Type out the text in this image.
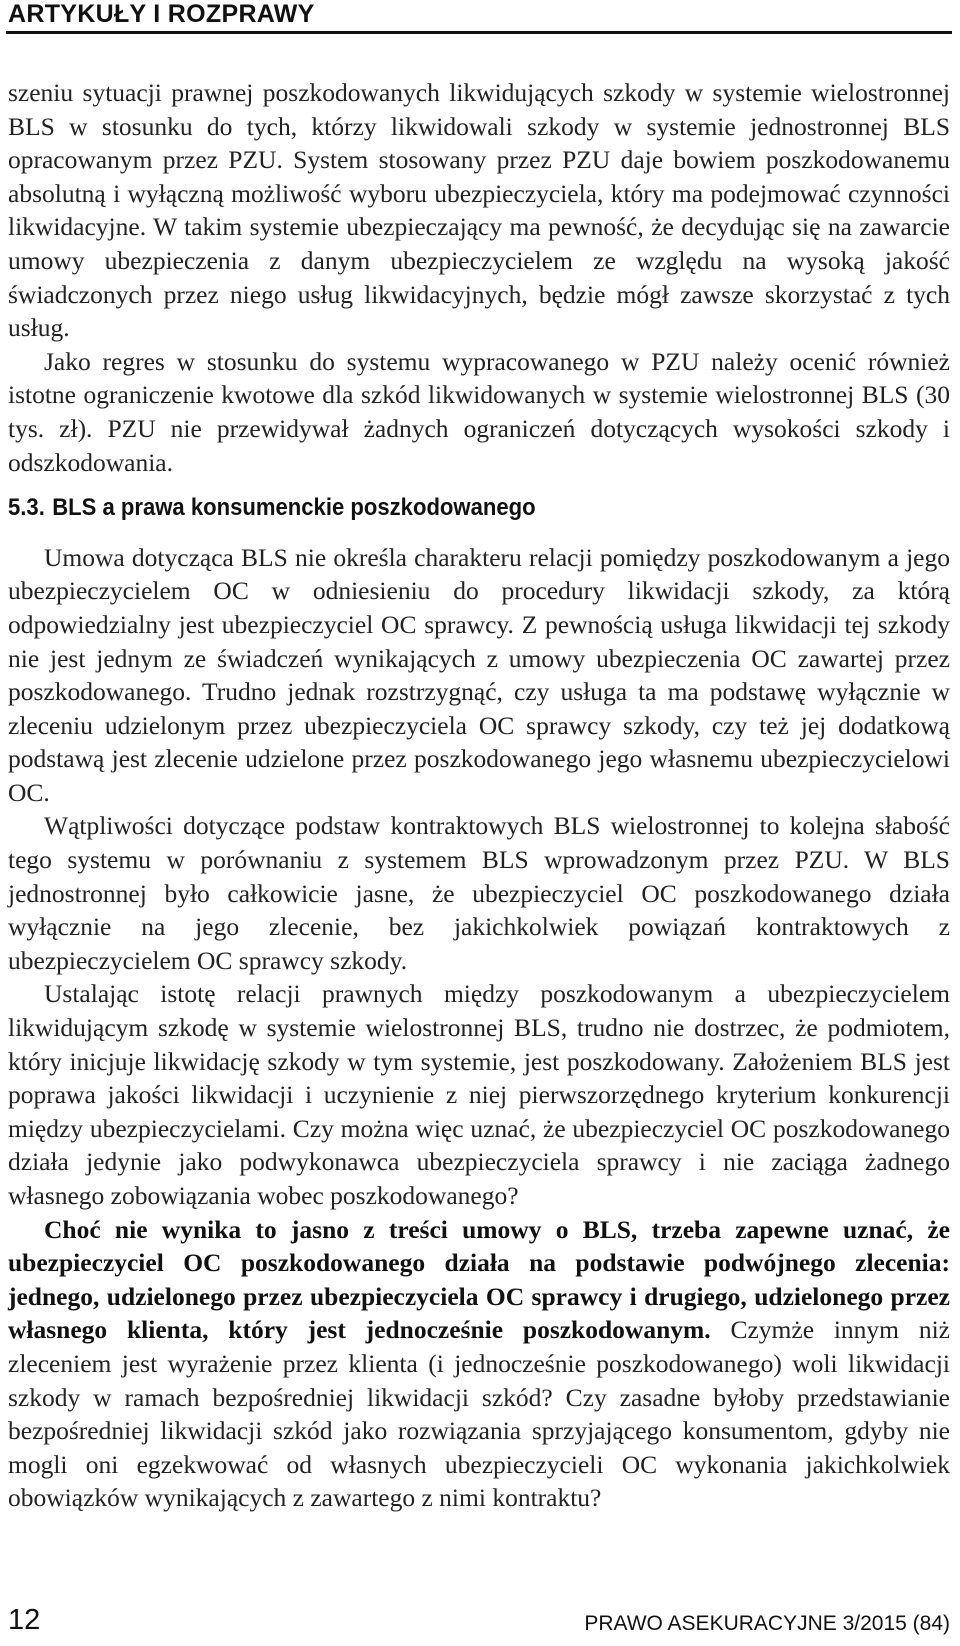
ARTYKUŁY I ROZPRAWY

szeniu sytuacji prawnej poszkodowanych likwidujących szkody w systemie wielostronnej BLS w stosunku do tych, którzy likwidowali szkody w systemie jednostronnej BLS opracowanym przez PZU. System stosowany przez PZU daje bowiem poszkodowanemu absolutną i wyłączną możliwość wyboru ubezpieczyciela, który ma podejmować czynności likwidacyjne. W takim systemie ubezpieczający ma pewność, że decydując się na zawarcie umowy ubezpieczenia z danym ubezpieczycielem ze względu na wysoką jakość świadczonych przez niego usług likwidacyjnych, będzie mógł zawsze skorzystać z tych usług.

Jako regres w stosunku do systemu wypracowanego w PZU należy ocenić również istotne ograniczenie kwotowe dla szkód likwidowanych w systemie wielostronnej BLS (30 tys. zł). PZU nie przewidywał żadnych ograniczeń dotyczących wysokości szkody i odszkodowania.

5.3. BLS a prawa konsumenckie poszkodowanego

Umowa dotycząca BLS nie określa charakteru relacji pomiędzy poszkodowanym a jego ubezpieczycielem OC w odniesieniu do procedury likwidacji szkody, za którą odpowiedzialny jest ubezpieczyciel OC sprawcy. Z pewnością usługa likwidacji tej szkody nie jest jednym ze świadczeń wynikających z umowy ubezpieczenia OC zawartej przez poszkodowanego. Trudno jednak rozstrzygnąć, czy usługa ta ma podstawę wyłącznie w zleceniu udzielonym przez ubezpieczyciela OC sprawcy szkody, czy też jej dodatkową podstawą jest zlecenie udzielone przez poszkodowanego jego własnemu ubezpieczycielowi OC.

Wątpliwości dotyczące podstaw kontraktowych BLS wielostronnej to kolejna słabość tego systemu w porównaniu z systemem BLS wprowadzonym przez PZU. W BLS jednostronnej było całkowicie jasne, że ubezpieczyciel OC poszkodowanego działa wyłącznie na jego zlecenie, bez jakichkolwiek powiązań kontraktowych z ubezpieczycielem OC sprawcy szkody.

Ustalając istotę relacji prawnych między poszkodowanym a ubezpieczycielem likwidującym szkodę w systemie wielostronnej BLS, trudno nie dostrzec, że podmiotem, który inicjuje likwidację szkody w tym systemie, jest poszkodowany. Założeniem BLS jest poprawa jakości likwidacji i uczynienie z niej pierwszorzędnego kryterium konkurencji między ubezpieczycielami. Czy można więc uznać, że ubezpieczyciel OC poszkodowanego działa jedynie jako podwykonawca ubezpieczyciela sprawcy i nie zaciąga żadnego własnego zobowiązania wobec poszkodowanego?

Choć nie wynika to jasno z treści umowy o BLS, trzeba zapewne uznać, że ubezpieczyciel OC poszkodowanego działa na podstawie podwójnego zlecenia: jednego, udzielonego przez ubezpieczyciela OC sprawcy i drugiego, udzielonego przez własnego klienta, który jest jednocześnie poszkodowanym. Czymże innym niż zleceniem jest wyrażenie przez klienta (i jednocześnie poszkodowanego) woli likwidacji szkody w ramach bezpośredniej likwidacji szkód? Czy zasadne byłoby przedstawianie bezpośredniej likwidacji szkód jako rozwiązania sprzyjającego konsumentom, gdyby nie mogli oni egzekwować od własnych ubezpieczycieli OC wykonania jakichkolwiek obowiązków wynikających z zawartego z nimi kontraktu?

12	PRAWO ASEKURACYJNE 3/2015 (84)
